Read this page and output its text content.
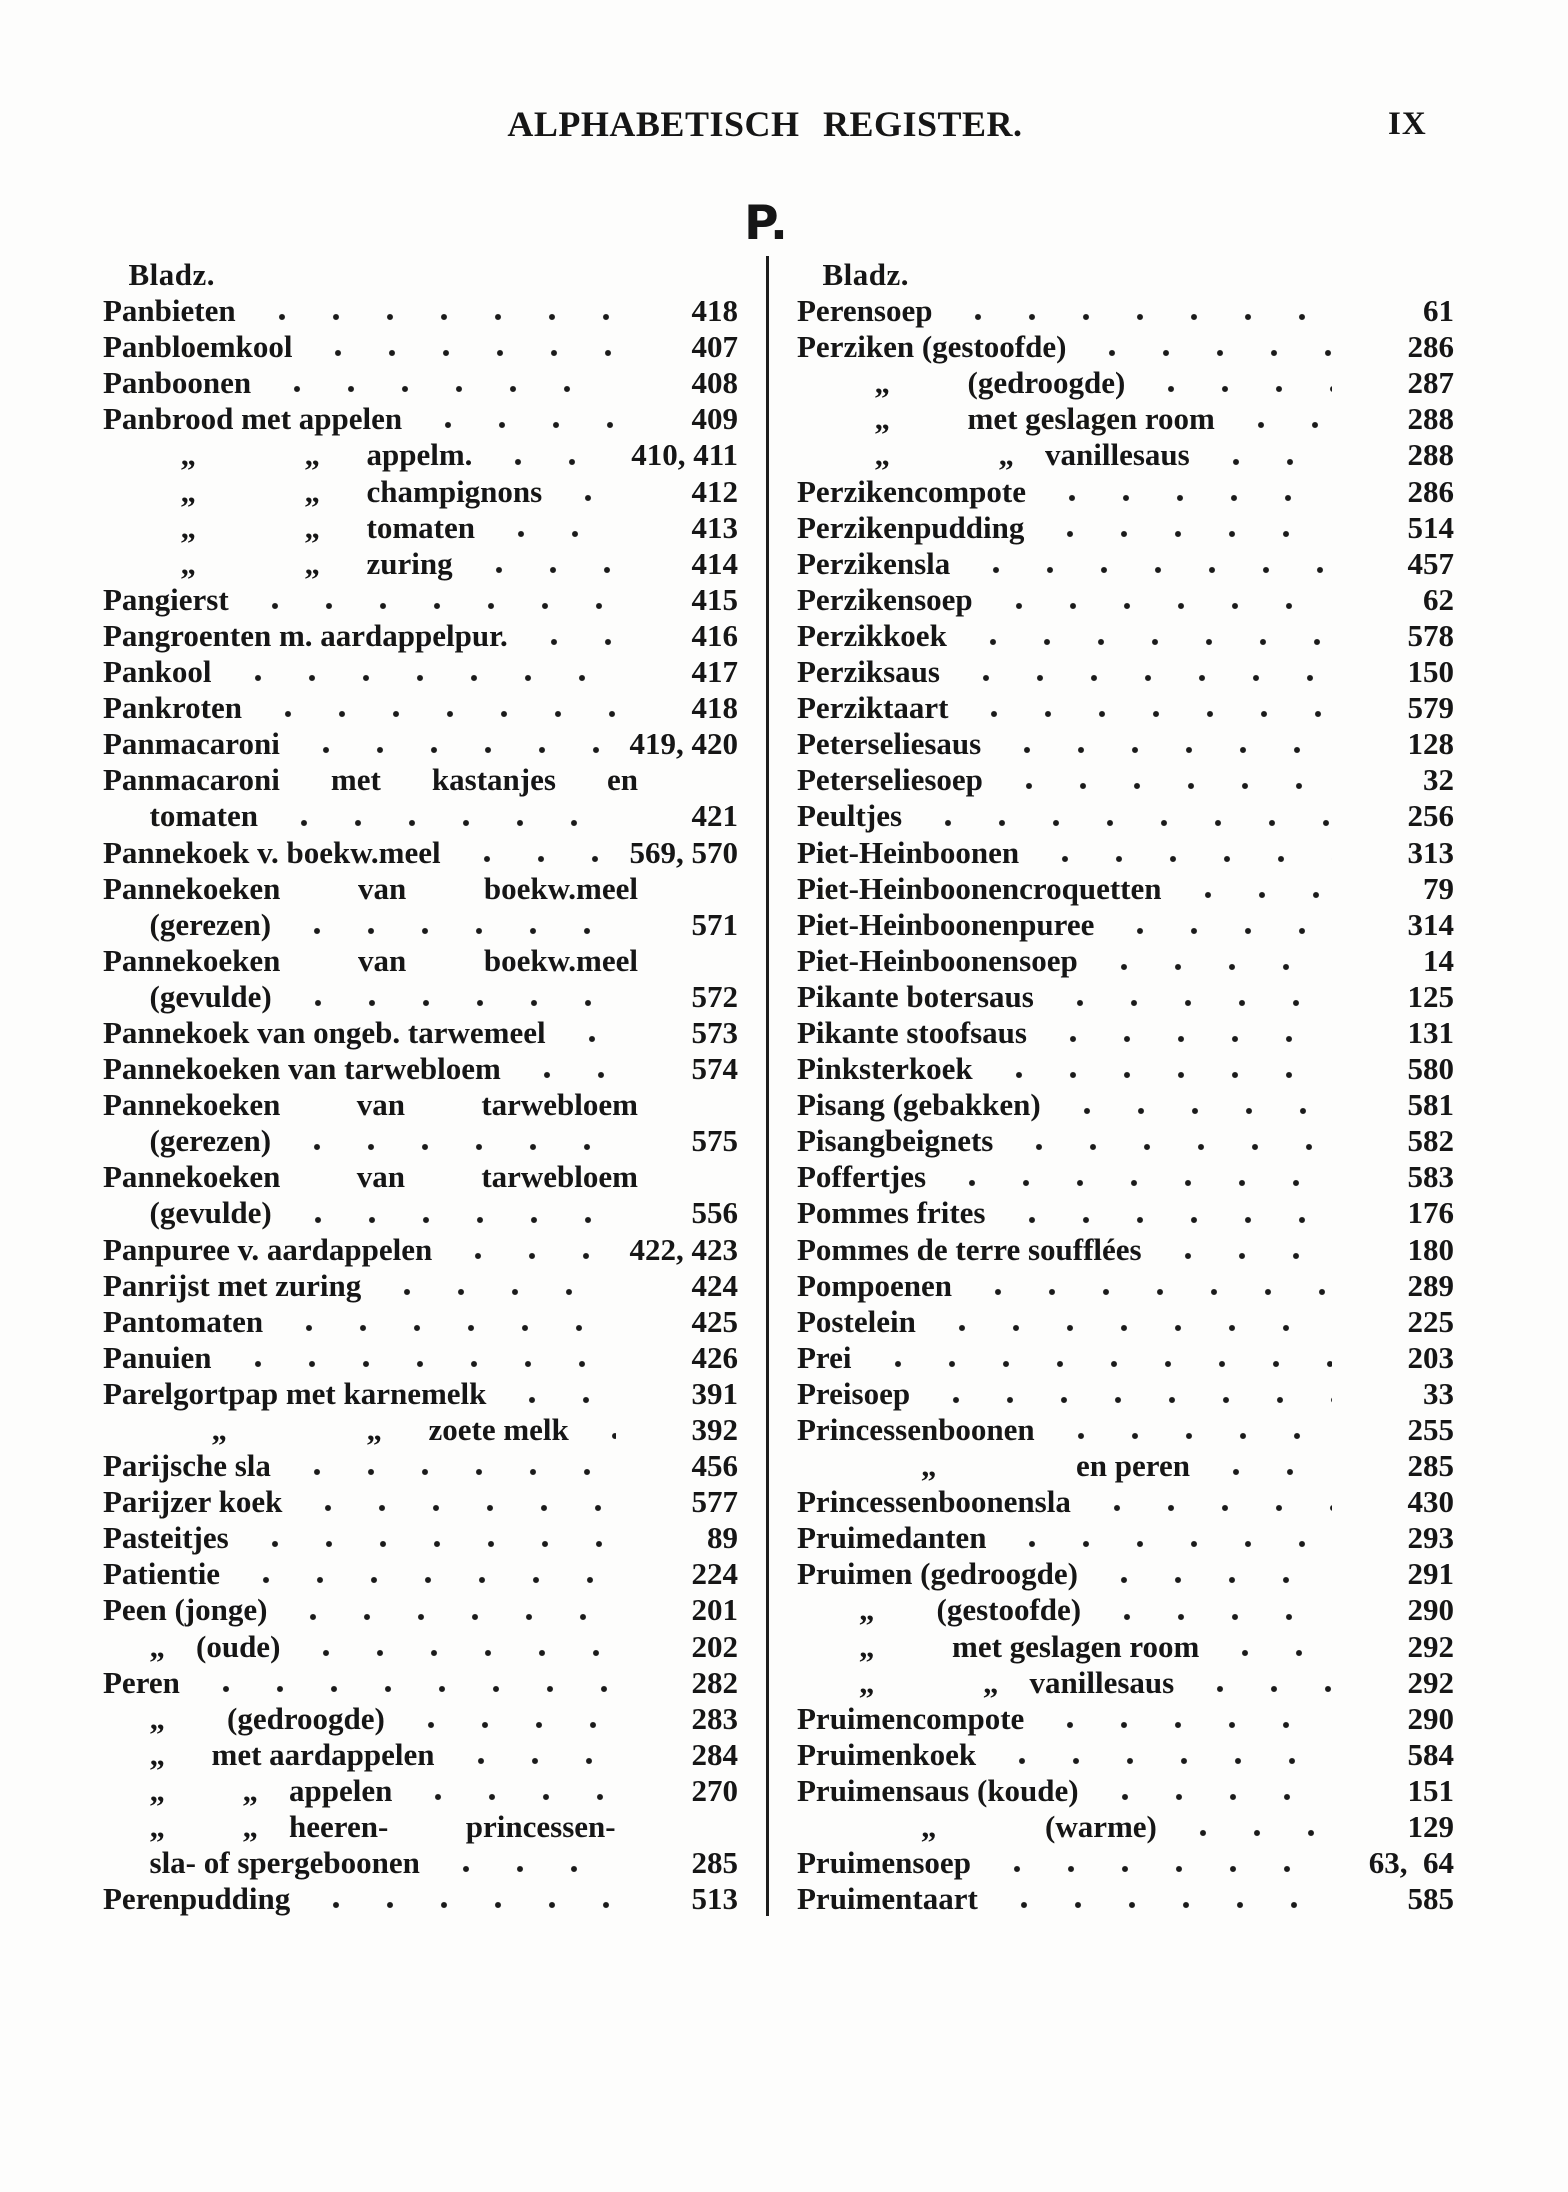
ALPHABETISCH REGISTER.	IX
P.
Bladz.
Panbieten	418
Panbloemkool	407
Panboonen	408
Panbrood met appelen	409
     „       „   appelm.	410, 411
     „       „   champignons	412
     „       „   tomaten	413
     „       „   zuring	414
Pangierst	415
Pangroenten m. aardappelpur.	416
Pankool	417
Pankroten	418
Panmacaroni	419, 420
Panmacaroni met kastanjes en
   tomaten	421
Pannekoek v. boekw.meel	569, 570
Pannekoeken van boekw.meel
   (gerezen)	571
Pannekoeken van boekw.meel
   (gevulde)	572
Pannekoek van ongeb. tarwemeel	573
Pannekoeken van tarwebloem	574
Pannekoeken van tarwebloem
   (gerezen)	575
Pannekoeken van tarwebloem
   (gevulde)	556
Panpuree v. aardappelen	422, 423
Panrijst met zuring	424
Pantomaten	425
Panuien	426
Parelgortpap met karnemelk	391
       „         „   zoete melk	392
Parijsche sla	456
Parijzer koek	577
Pasteitjes	89
Patientie	224
Peen (jonge)	201
   „  (oude)	202
Peren	282
   „    (gedroogde)	283
   „   met aardappelen	284
   „     „  appelen	270
   „     „  heeren-     princessen-
   sla- of spergeboonen	285
Perenpudding	513
Bladz.
Perensoep	61
Perziken (gestoofde)	286
     „     (gedroogde)	287
     „     met geslagen room	288
     „       „  vanillesaus	288
Perzikencompote	286
Perzikenpudding	514
Perzikensla	457
Perzikensoep	62
Perzikkoek	578
Perziksaus	150
Perziktaart	579
Peterseliesaus	128
Peterseliesoep	32
Peultjes	256
Piet-Heinboonen	313
Piet-Heinboonencroquetten	79
Piet-Heinboonenpuree	314
Piet-Heinboonensoep	14
Pikante botersaus	125
Pikante stoofsaus	131
Pinksterkoek	580
Pisang (gebakken)	581
Pisangbeignets	582
Poffertjes	583
Pommes frites	176
Pommes de terre soufflées	180
Pompoenen	289
Postelein	225
Prei	203
Preisoep	33
Princessenboonen	255
        „         en peren	285
Princessenboonensla	430
Pruimedanten	293
Pruimen (gedroogde)	291
    „    (gestoofde)	290
    „     met geslagen room	292
    „       „  vanillesaus	292
Pruimencompote	290
Pruimenkoek	584
Pruimensaus (koude)	151
        „       (warme)	129
Pruimensoep	63,  64
Pruimentaart	585
